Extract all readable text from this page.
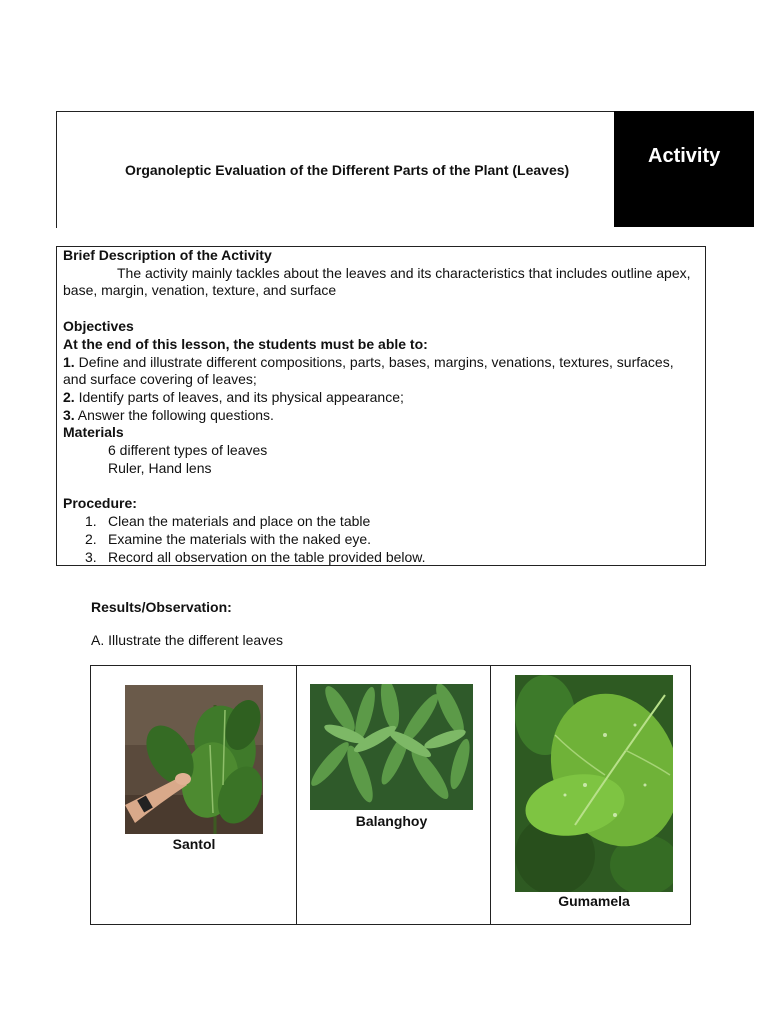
Organoleptic Evaluation of the Different Parts of the Plant (Leaves)
Activity

Brief Description of the Activity

The activity mainly tackles about the leaves and its characteristics that includes outline apex, base, margin, venation, texture, and surface

Objectives

At the end of this lesson, the students must be able to:

1. Define and illustrate different compositions, parts, bases, margins, venations, textures, surfaces, and surface covering of leaves;

2. Identify parts of leaves, and its physical appearance;

3. Answer the following questions.

Materials

6 different types of leaves

Ruler, Hand lens

Procedure:

1. Clean the materials and place on the table
2. Examine the materials with the naked eye.
3. Record all observation on the table provided below.
Results/Observation:
A. Illustrate the different leaves
Santol
Balanghoy
Gumamela
